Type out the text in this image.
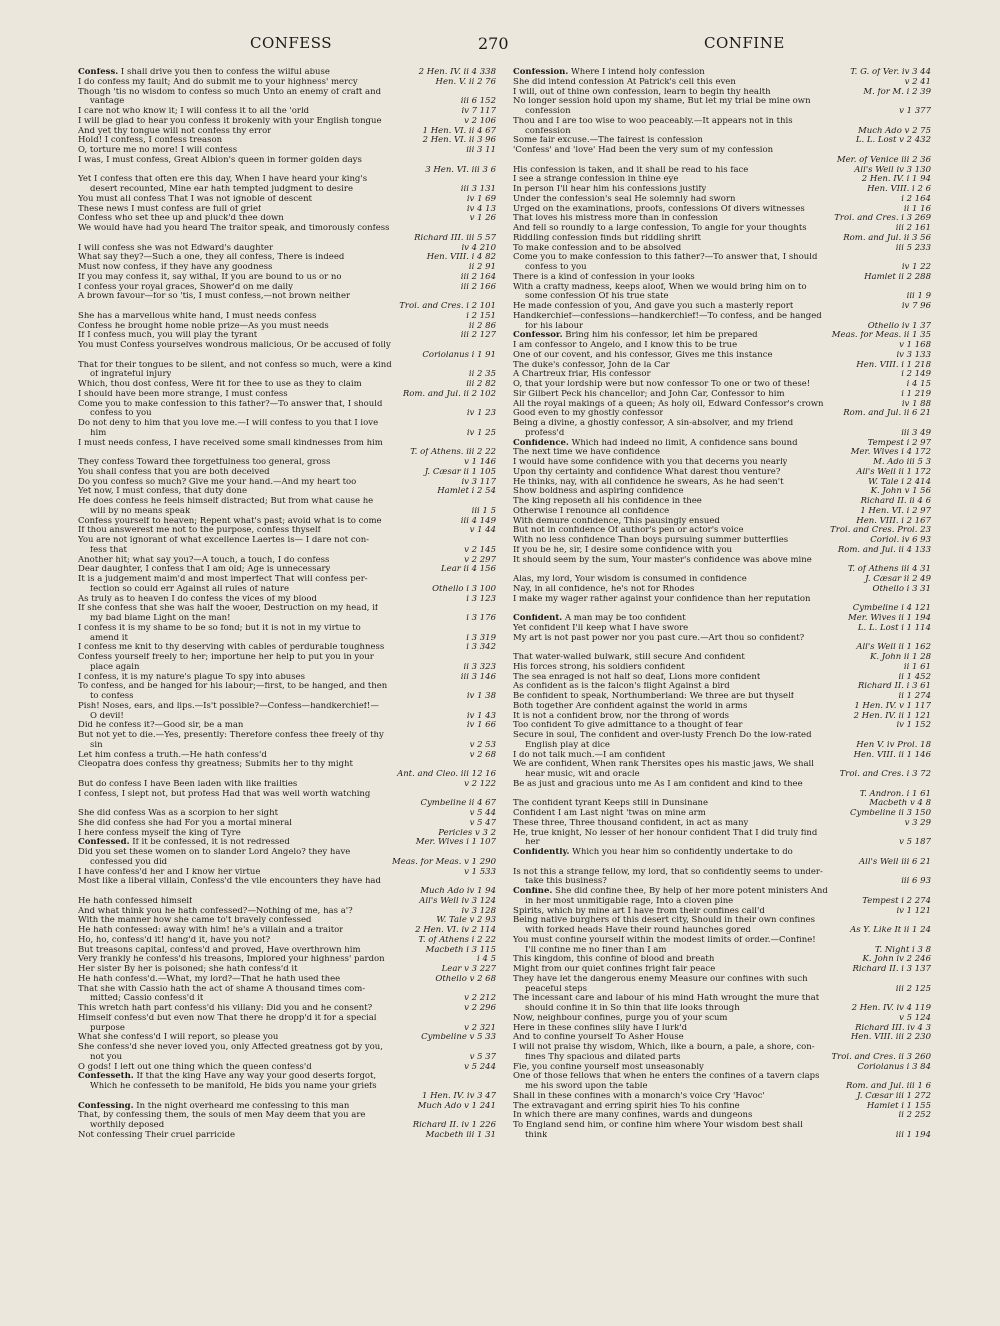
CONFESS	270	CONFINE
Confess. I shall drive you then to confess the wilful abuse	2 Hen. IV. ii 4 338
I do confess my fault; And do submit me to your highness' mercy	Hen. V. ii 2 76
Though 'tis no wisdom to confess so much Unto an enemy of craft and
vantage	iii 6 152
I care not who know it; I will confess it to all the 'orld	iv 7 117
I will be glad to hear you confess it brokenly with your English tongue	v 2 106
And yet thy tongue will not confess thy error	1 Hen. VI. ii 4 67
Hold! I confess, I confess treason	2 Hen. VI. ii 3 96
O, torture me no more! I will confess	iii 3 11
I was, I must confess, Great Albion's queen in former golden days
3 Hen. VI. iii 3 6
Yet I confess that often ere this day, When I have heard your king's
desert recounted, Mine ear hath tempted judgment to desire	iii 3 131
You must all confess That I was not ignoble of descent	iv 1 69
These news I must confess are full of grief	iv 4 13
Confess who set thee up and pluck'd thee down	v 1 26
We would have had you heard The traitor speak, and timorously confess
Richard III. iii 5 57
I will confess she was not Edward's daughter	iv 4 210
What say they?—Such a one, they all confess, There is indeed	Hen. VIII. i 4 82
Must now confess, if they have any goodness	ii 2 91
If you may confess it, say withal, If you are bound to us or no	iii 2 164
I confess your royal graces, Shower'd on me daily	iii 2 166
A brown favour—for so 'tis, I must confess,—not brown neither
Troi. and Cres. i 2 101
She has a marvellous white hand, I must needs confess	i 2 151
Confess he brought home noble prize—As you must needs	ii 2 86
If I confess much, you will play the tyrant	iii 2 127
You must Confess yourselves wondrous malicious, Or be accused of folly
Coriolanus i 1 91
That for their tongues to be silent, and not confess so much, were a kind
of ingrateful injury	ii 2 35
Which, thou dost confess, Were fit for thee to use as they to claim	iii 2 82
I should have been more strange, I must confess	Rom. and Jul. ii 2 102
Come you to make confession to this father?—To answer that, I should
confess to you	iv 1 23
Do not deny to him that you love me.—I will confess to you that I love
him	iv 1 25
I must needs confess, I have received some small kindnesses from him
T. of Athens. iii 2 22
They confess Toward thee forgetfulness too general, gross	v 1 146
You shall confess that you are both deceived	J. Cæsar ii 1 105
Do you confess so much? Give me your hand.—And my heart too	iv 3 117
Yet now, I must confess, that duty done	Hamlet i 2 54
He does confess he feels himself distracted; But from what cause he
will by no means speak	iii 1 5
Confess yourself to heaven; Repent what's past; avoid what is to come	iii 4 149
If thou answerest me not to the purpose, confess thyself	v 1 44
You are not ignorant of what excellence Laertes is— I dare not con-
fess that	v 2 145
Another hit; what say you?—A touch, a touch, I do confess	v 2 297
Dear daughter, I confess that I am old; Age is unnecessary	Lear ii 4 156
It is a judgement maim'd and most imperfect That will confess per-
fection so could err Against all rules of nature	Othello i 3 100
As truly as to heaven I do confess the vices of my blood	i 3 123
If she confess that she was half the wooer, Destruction on my head, if
my bad blame Light on the man!	i 3 176
I confess it is my shame to be so fond; but it is not in my virtue to
amend it	i 3 319
I confess me knit to thy deserving with cables of perdurable toughness	i 3 342
Confess yourself freely to her; importune her help to put you in your
place again	ii 3 323
I confess, it is my nature's plague To spy into abuses	iii 3 146
To confess, and be hanged for his labour;—first, to be hanged, and then
to confess	iv 1 38
Pish! Noses, ears, and lips.—Is't possible?—Confess—handkerchief!—
O devil!	iv 1 43
Did he confess it?—Good sir, be a man	iv 1 66
But not yet to die.—Yes, presently: Therefore confess thee freely of thy
sin	v 2 53
Let him confess a truth.—He hath confess'd	v 2 68
Cleopatra does confess thy greatness; Submits her to thy might
Ant. and Cleo. iii 12 16
But do confess I have Been laden with like frailties	v 2 122
I confess, I slept not, but profess Had that was well worth watching
Cymbeline ii 4 67
She did confess Was as a scorpion to her sight	v 5 44
She did confess she had For you a mortal mineral	v 5 47
I here confess myself the king of Tyre	Pericles v 3 2
Confessed. If it be confessed, it is not redressed	Mer. Wives i 1 107
Did you set these women on to slander Lord Angelo? they have
confessed you did	Meas. for Meas. v 1 290
I have confess'd her and I know her virtue	v 1 533
Most like a liberal villain, Confess'd the vile encounters they have had
Much Ado iv 1 94
He hath confessed himself	All's Well iv 3 124
And what think you he hath confessed?—Nothing of me, has a'?	iv 3 128
With the manner how she came to't bravely confessed	W. Tale v 2 93
He hath confessed: away with him! he's a villain and a traitor	2 Hen. VI. iv 2 114
Ho, ho, confess'd it! hang'd it, have you not?	T. of Athens i 2 22
But treasons capital, confess'd and proved, Have overthrown him	Macbeth i 3 115
Very frankly he confess'd his treasons, Implored your highness' pardon	i 4 5
Her sister By her is poisoned; she hath confess'd it	Lear v 3 227
He hath confess'd.—What, my lord?—That he hath used thee	Othello v 2 68
That she with Cassio hath the act of shame A thousand times com-
mitted; Cassio confess'd it	v 2 212
This wretch hath part confess'd his villany: Did you and he consent?	v 2 296
Himself confess'd but even now That there he dropp'd it for a special
purpose	v 2 321
What she confess'd I will report, so please you	Cymbeline v 5 33
She confess'd she never loved you, only Affected greatness got by you,
not you	v 5 37
O gods! I left out one thing which the queen confess'd	v 5 244
Confesseth. If that the king Have any way your good deserts forgot,
Which he confesseth to be manifold, He bids you name your griefs
1 Hen. IV. iv 3 47
Confessing. In the night overheard me confessing to this man	Much Ado v 1 241
That, by confessing them, the souls of men May deem that you are
worthily deposed	Richard II. iv 1 226
Not confessing Their cruel parricide	Macbeth iii 1 31
Confession. Where I intend holy confession	T. G. of Ver. iv 3 44
She did intend confession At Patrick's cell this even	v 2 41
I will, out of thine own confession, learn to begin thy health	M. for M. i 2 39
No longer session hold upon my shame, But let my trial be mine own
confession	v 1 377
Thou and I are too wise to woo peaceably.—It appears not in this
confession	Much Ado v 2 75
Some fair excuse.—The fairest is confession	L. L. Lost v 2 432
'Confess' and 'love' Had been the very sum of my confession
Mer. of Venice iii 2 36
His confession is taken, and it shall be read to his face	All's Well iv 3 130
I see a strange confession in thine eye	2 Hen. IV. i 1 94
In person I'll hear him his confessions justify	Hen. VIII. i 2 6
Under the confession's seal He solemnly had sworn	i 2 164
Urged on the examinations, proofs, confessions Of divers witnesses	ii 1 16
That loves his mistress more than in confession	Troi. and Cres. i 3 269
And fell so roundly to a large confession, To angle for your thoughts	iii 2 161
Riddling confession finds but riddling shrift	Rom. and Jul. ii 3 56
To make confession and to be absolved	iii 5 233
Come you to make confession to this father?—To answer that, I should
confess to you	iv 1 22
There is a kind of confession in your looks	Hamlet ii 2 288
With a crafty madness, keeps aloof, When we would bring him on to
some confession Of his true state	iii 1 9
He made confession of you, And gave you such a masterly report	iv 7 96
Handkerchief—confessions—handkerchief!—To confess, and be hanged
for his labour	Othello iv 1 37
Confessor. Bring him his confessor, let him be prepared	Meas. for Meas. ii 1 35
I am confessor to Angelo, and I know this to be true	v 1 168
One of our covent, and his confessor, Gives me this instance	iv 3 133
The duke's confessor, John de la Car	Hen. VIII. i 1 218
A Chartreux friar, His confessor	i 2 149
O, that your lordship were but now confessor To one or two of these!	i 4 15
Sir Gilbert Peck his chancellor; and John Car, Confessor to him	i 1 219
All the royal makings of a queen; As holy oil, Edward Confessor's crown	iv 1 88
Good even to my ghostly confessor	Rom. and Jul. ii 6 21
Being a divine, a ghostly confessor, A sin-absolver, and my friend
profess'd	iii 3 49
Confidence. Which had indeed no limit, A confidence sans bound	Tempest i 2 97
The next time we have confidence	Mer. Wives i 4 172
I would have some confidence with you that decerns you nearly	M. Ado iii 5 3
Upon thy certainty and confidence What darest thou venture?	All's Well ii 1 172
He thinks, nay, with all confidence he swears, As he had seen't	W. Tale i 2 414
Show boldness and aspiring confidence	K. John v 1 56
The king reposeth all his confidence in thee	Richard II. ii 4 6
Otherwise I renounce all confidence	1 Hen. VI. i 2 97
With demure confidence, This pausingly ensued	Hen. VIII. i 2 167
But not in confidence Of author's pen or actor's voice	Troi. and Cres. Prol. 23
With no less confidence Than boys pursuing summer butterflies	Coriol. iv 6 93
If you be he, sir, I desire some confidence with you	Rom. and Jul. ii 4 133
It should seem by the sum, Your master's confidence was above mine
T. of Athens iii 4 31
Alas, my lord, Your wisdom is consumed in confidence	J. Cæsar ii 2 49
Nay, in all confidence, he's not for Rhodes	Othello i 3 31
I make my wager rather against your confidence than her reputation
Cymbeline i 4 121
Confident. A man may be too confident	Mer. Wives ii 1 194
Yet confident I'll keep what I have swore	L. L. Lost i 1 114
My art is not past power nor you past cure.—Art thou so confident?
All's Well ii 1 162
That water-walled bulwark, still secure And confident	K. John ii 1 28
His forces strong, his soldiers confident	ii 1 61
The sea enraged is not half so deaf, Lions more confident	ii 1 452
As confident as is the falcon's flight Against a bird	Richard II. i 3 61
Be confident to speak, Northumberland: We three are but thyself	ii 1 274
Both together Are confident against the world in arms	1 Hen. IV. v 1 117
It is not a confident brow, nor the throng of words	2 Hen. IV. ii 1 121
Too confident To give admittance to a thought of fear	iv 1 152
Secure in soul, The confident and over-lusty French Do the low-rated
English play at dice	Hen V. iv Prol. 18
I do not talk much.—I am confident	Hen. VIII. ii 1 146
We are confident, When rank Thersites opes his mastic jaws, We shall
hear music, wit and oracle	Troi. and Cres. i 3 72
Be as just and gracious unto me As I am confident and kind to thee
T. Andron. i 1 61
The confident tyrant Keeps still in Dunsinane	Macbeth v 4 8
Confident I am Last night 'twas on mine arm	Cymbeline ii 3 150
These three, Three thousand confident, in act as many	v 3 29
He, true knight, No lesser of her honour confident That I did truly find
her	v 5 187
Confidently. Which you hear him so confidently undertake to do
All's Well iii 6 21
Is not this a strange fellow, my lord, that so confidently seems to under-
take this business?	iii 6 93
Confine. She did confine thee, By help of her more potent ministers And
in her most unmitigable rage, Into a cloven pine	Tempest i 2 274
Spirits, which by mine art I have from their confines call'd	iv 1 121
Being native burghers of this desert city, Should in their own confines
with forked heads Have their round haunches gored	As Y. Like It ii 1 24
You must confine yourself within the modest limits of order.—Confine!
I'll confine me no finer than I am	T. Night i 3 8
This kingdom, this confine of blood and breath	K. John iv 2 246
Might from our quiet confines fright fair peace	Richard II. i 3 137
They have let the dangerous enemy Measure our confines with such
peaceful steps	iii 2 125
The incessant care and labour of his mind Hath wrought the mure that
should confine it in So thin that life looks through	2 Hen. IV. iv 4 119
Now, neighbour confines, purge you of your scum	v 5 124
Here in these confines slily have I lurk'd	Richard III. iv 4 3
And to confine yourself To Asher House	Hen. VIII. iii 2 230
I will not praise thy wisdom, Which, like a bourn, a pale, a shore, con-
fines Thy spacious and dilated parts	Troi. and Cres. ii 3 260
Fie, you confine yourself most unseasonably	Coriolanus i 3 84
One of those fellows that when he enters the confines of a tavern claps
me his sword upon the table	Rom. and Jul. iii 1 6
Shall in these confines with a monarch's voice Cry 'Havoc'	J. Cæsar iii 1 272
The extravagant and erring spirit hies To his confine	Hamlet i 1 155
In which there are many confines, wards and dungeons	ii 2 252
To England send him, or confine him where Your wisdom best shall
think	iii 1 194
